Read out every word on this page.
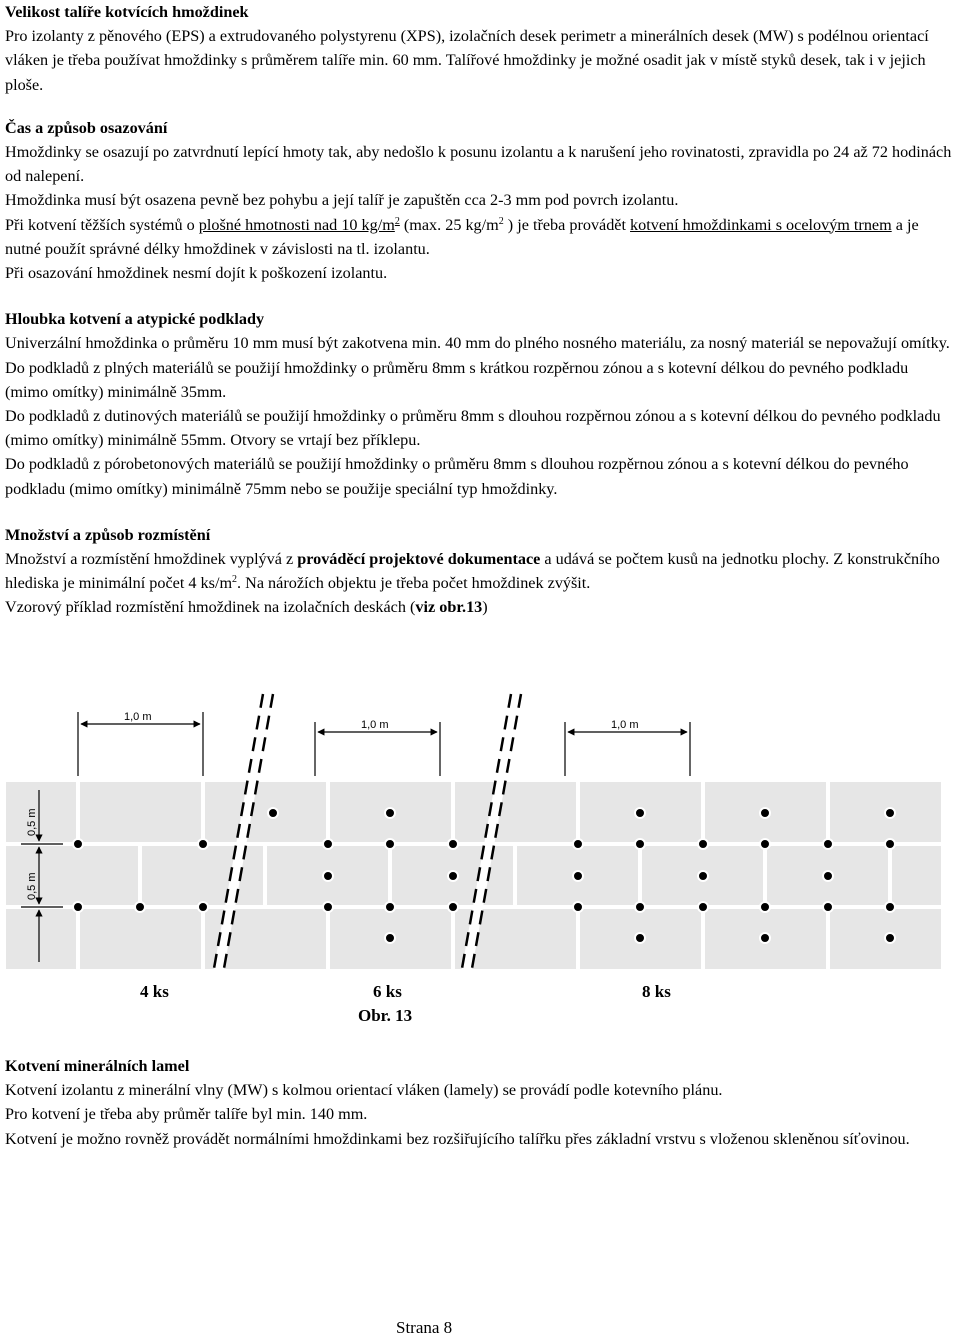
Velikost talíře kotvících hmoždinek
Pro izolanty z pěnového (EPS) a extrudovaného polystyrenu (XPS), izolačních desek perimetr a minerálních desek (MW) s podélnou orientací vláken je třeba používat hmoždinky s průměrem talíře min. 60 mm. Talířové hmoždinky je možné osadit jak v místě styků desek, tak i v jejich ploše.
Čas a způsob osazování
Hmoždinky se osazují po zatvrdnutí lepící hmoty tak, aby nedošlo k posunu izolantu a k narušení jeho rovinatosti, zpravidla po 24 až 72 hodinách od nalepení.
Hmoždinka musí být osazena pevně bez pohybu a její talíř je zapuštěn cca 2-3 mm pod povrch izolantu.
Při kotvení těžších systémů o plošné hmotnosti nad 10 $kg/m^2$ (max. 25 $kg/m^2$ ) je třeba provádět kotvení hmoždinkami s ocelovým trnem a je nutné použít správné délky hmoždinek v závislosti na tl. izolantu.
Při osazování hmoždinek nesmí dojít k poškození izolantu.
Hloubka kotvení a atypické podklady
Univerzální hmoždinka o průměru 10 mm musí být zakotvena min. 40 mm do plného nosného materiálu, za nosný materiál se nepovažují omítky.
Do podkladů z plných materiálů se použijí hmoždinky o průměru 8mm s krátkou rozpěrnou zónou a s kotevní délkou do pevného podkladu (mimo omítky) minimálně 35mm.
Do podkladů z dutinových materiálů se použijí hmoždinky o průměru 8mm s dlouhou rozpěrnou zónou a s kotevní délkou do pevného podkladu (mimo omítky) minimálně 55mm. Otvory se vrtají bez příklepu.
Do podkladů z pórobetonových materiálů se použijí hmoždinky o průměru 8mm s dlouhou rozpěrnou zónou a s kotevní délkou do pevného podkladu (mimo omítky) minimálně 75mm nebo se použije speciální typ hmoždinky.
Množství a způsob rozmístění
Množství a rozmístění hmoždinek vyplývá z prováděcí projektové dokumentace a udává se počtem kusů na jednotku plochy. Z konstrukčního hlediska je minimální počet 4 $ks/m^2$. Na nárožích objektu je třeba počet hmoždinek zvýšit.
Vzorový příklad rozmístění hmoždinek na izolačních deskách (viz obr.13)
1,0 m
1,0 m	1,0 m
0,5 m
0,5 m
4 ks	6 ks	8 ks
Obr. 13
Kotvení minerálních lamel
Kotvení izolantu z minerální vlny (MW) s kolmou orientací vláken (lamely) se provádí podle kotevního plánu.
Pro kotvení je třeba aby průměr talíře byl min. 140 mm.
Kotvení je možno rovněž provádět normálními hmoždinkami bez rozšiřujícího talířku přes základní vrstvu s vloženou skleněnou síťovinou.
Strana 8
